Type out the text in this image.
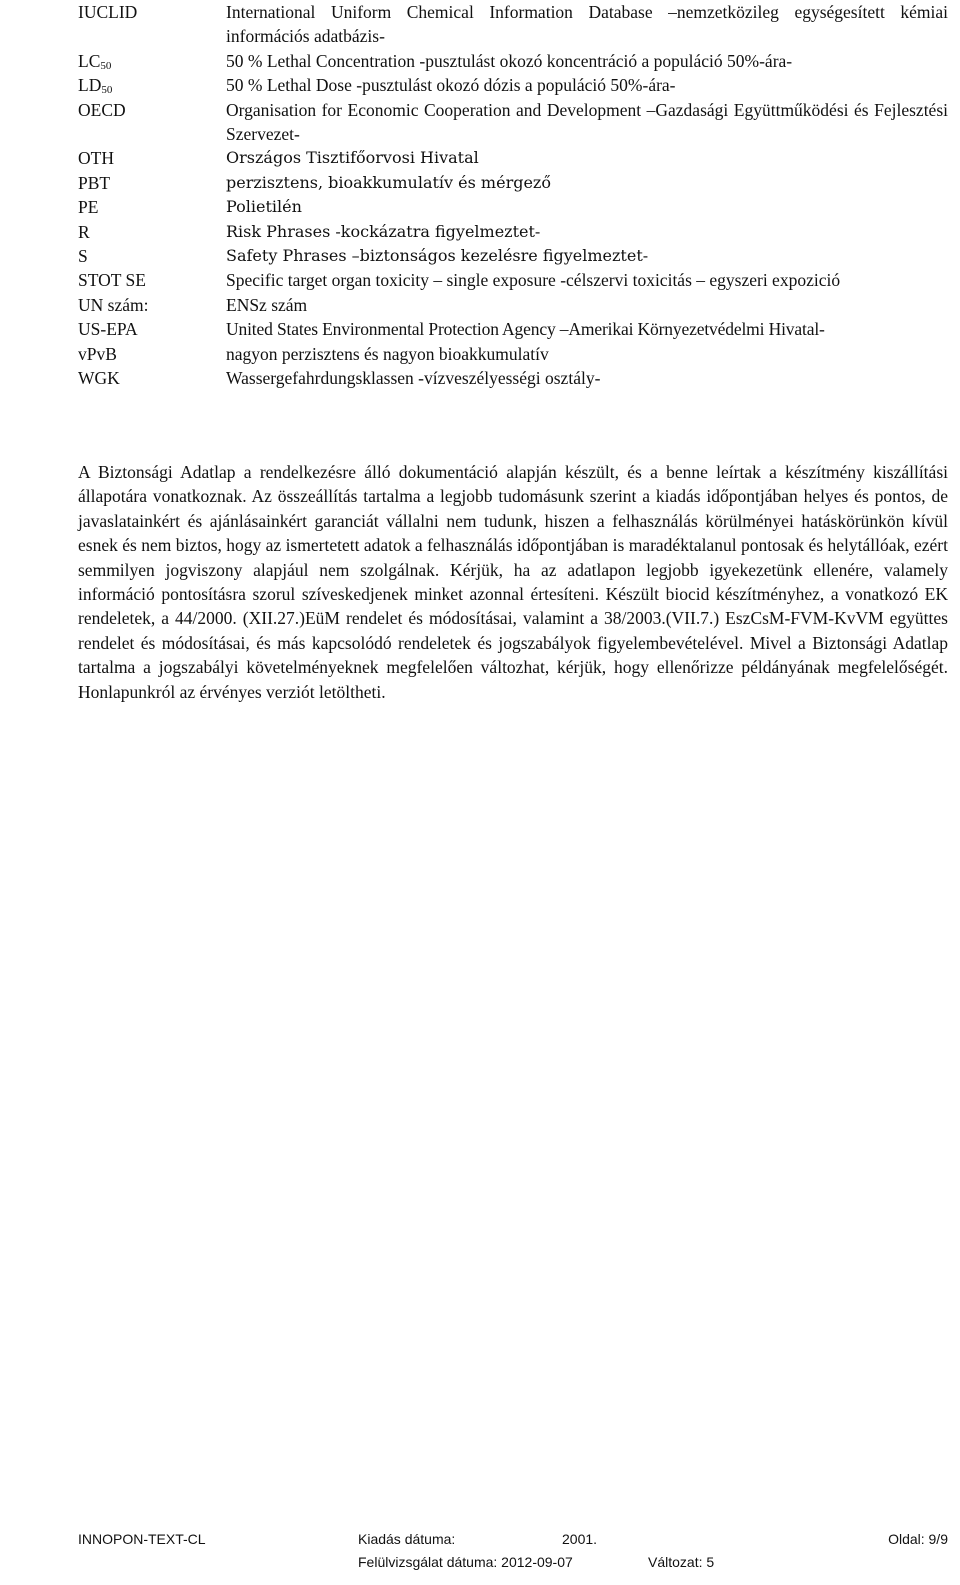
IUCLID	International Uniform Chemical Information Database –nemzetközileg egységesített kémiai információs adatbázis-
$LC_{50}$	50 % Lethal Concentration -pusztulást okozó koncentráció a populáció 50%-ára-
$LD_{50}$	50 % Lethal Dose -pusztulást okozó dózis a populáció 50%-ára-
OECD	Organisation for Economic Cooperation and Development –Gazdasági Együttműködési és Fejlesztési Szervezet-
OTH	Országos Tisztifőorvosi Hivatal
PBT	perzisztens, bioakkumulatív és mérgező
PE	Polietilén
R	Risk Phrases -kockázatra figyelmeztet-
S	Safety Phrases –biztonságos kezelésre figyelmeztet-
STOT SE	Specific target organ toxicity – single exposure -célszervi toxicitás – egyszeri expozició
UN szám:	ENSz szám
US-EPA	United States Environmental Protection Agency –Amerikai Környezetvédelmi Hivatal-
vPvB	nagyon perzisztens és nagyon bioakkumulatív
WGK	Wassergefahrdungsklassen -vízveszélyességi osztály-

A Biztonsági Adatlap a rendelkezésre álló dokumentáció alapján készült, és a benne leírtak a készítmény kiszállítási állapotára vonatkoznak. Az összeállítás tartalma a legjobb tudomásunk szerint a kiadás időpontjában helyes és pontos, de javaslatainkért és ajánlásainkért garanciát vállalni nem tudunk, hiszen a felhasználás körülményei hatáskörünkön kívül esnek és nem biztos, hogy az ismertetett adatok a felhasználás időpontjában is maradéktalanul pontosak és helytállóak, ezért semmilyen jogviszony alapjául nem szolgálnak. Kérjük, ha az adatlapon legjobb igyekezetünk ellenére, valamely információ pontosításra szorul szíveskedjenek minket azonnal értesíteni. Készült biocid készítményhez, a vonatkozó EK rendeletek, a 44/2000. (XII.27.)EüM rendelet és módosításai, valamint a 38/2003.(VII.7.) EszCsM-FVM-KvVM együttes rendelet és módosításai, és más kapcsolódó rendeletek és jogszabályok figyelembevételével. Mivel a Biztonsági Adatlap tartalma a jogszabályi követelményeknek megfelelően változhat, kérjük, hogy ellenőrizze példányának megfelelőségét. Honlapunkról az érvényes verziót letöltheti.

INNOPON-TEXT-CL	Kiadás dátuma:	2001.	Oldal: 9/9
Felülvizsgálat dátuma: 2012-09-07	Változat: 5
